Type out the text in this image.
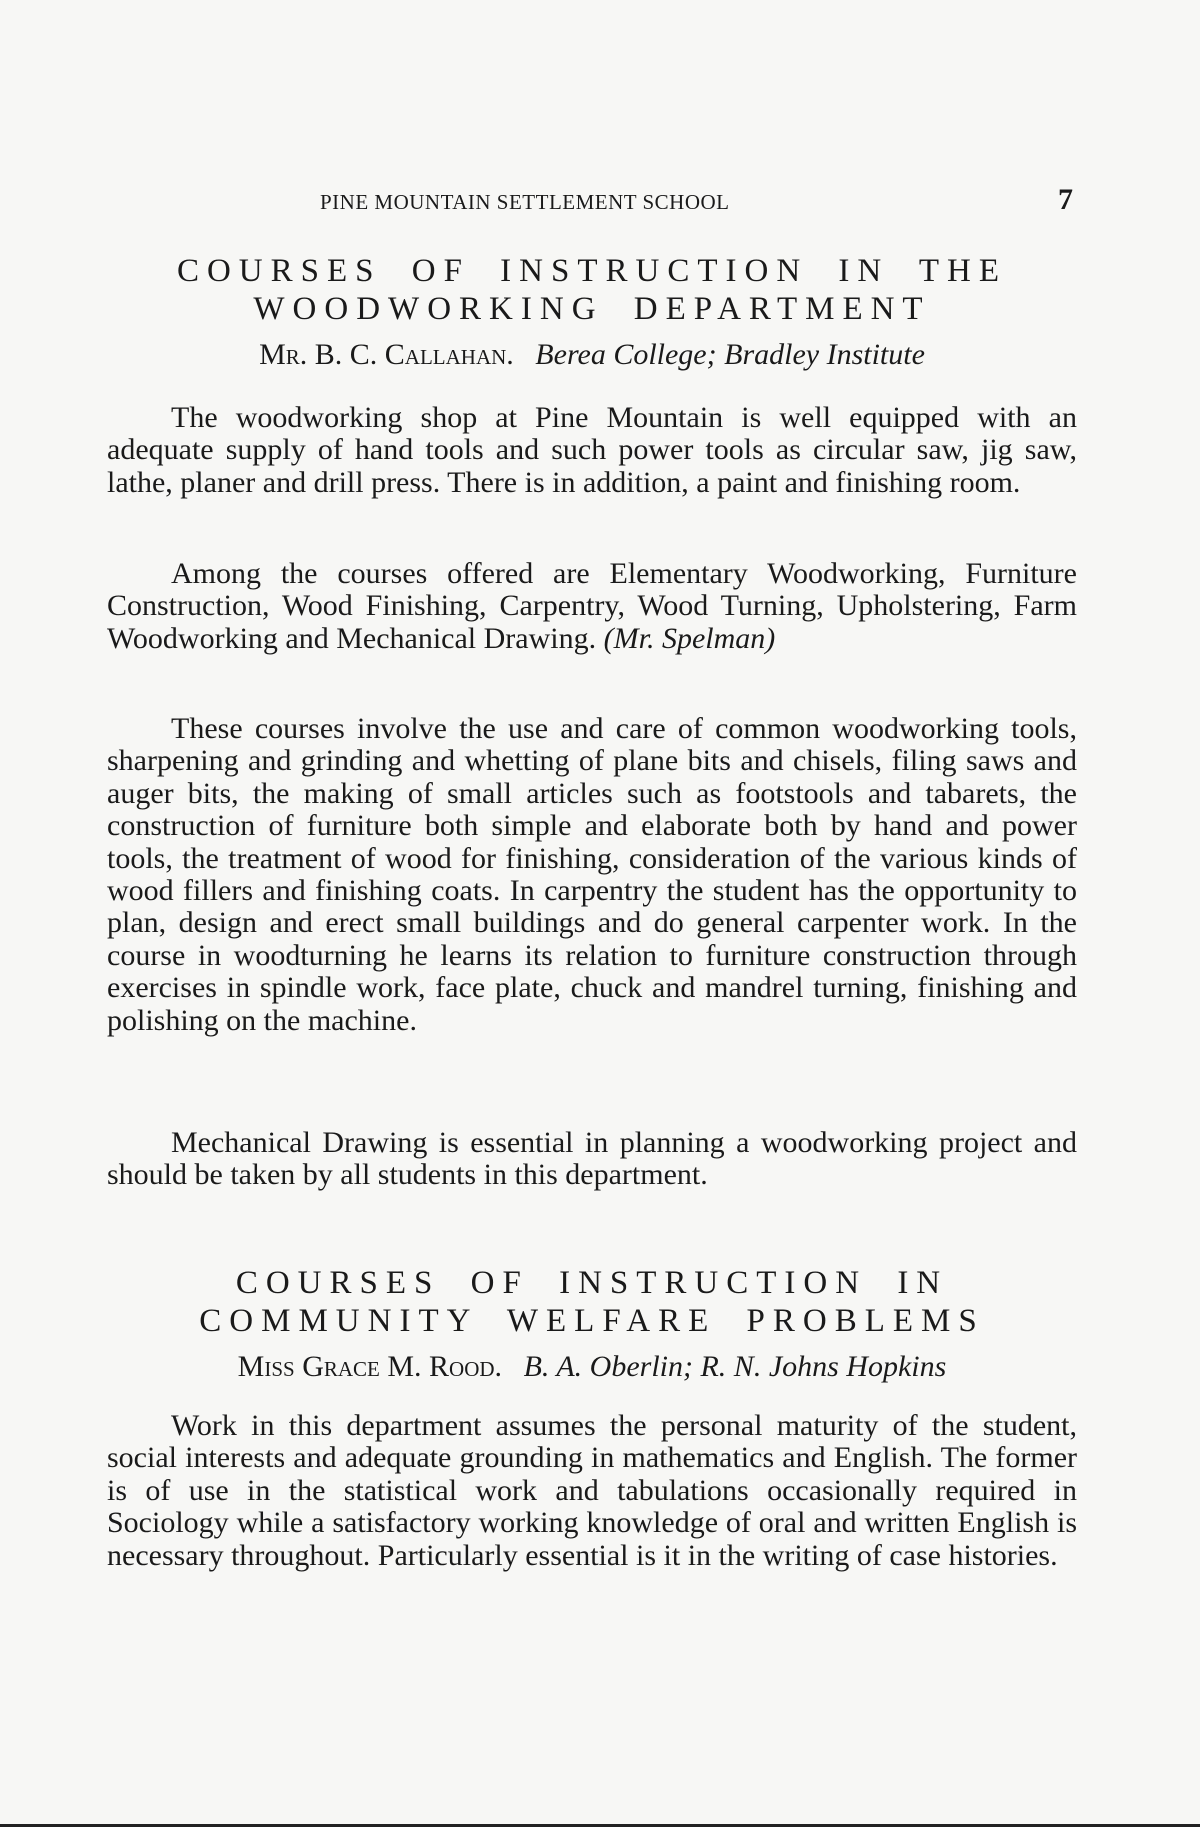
PINE MOUNTAIN SETTLEMENT SCHOOL	7
COURSES OF INSTRUCTION IN THE
WOODWORKING DEPARTMENT
Mr. B. C. Callahan. Berea College; Bradley Institute

The woodworking shop at Pine Mountain is well equipped with an adequate supply of hand tools and such power tools as circular saw, jig saw, lathe, planer and drill press. There is in addition, a paint and finishing room.

Among the courses offered are Elementary Woodworking, Furniture Construction, Wood Finishing, Carpentry, Wood Turning, Upholstering, Farm Woodworking and Mechanical Drawing. (Mr. Spelman)

These courses involve the use and care of common woodworking tools, sharpening and grinding and whetting of plane bits and chisels, filing saws and auger bits, the making of small articles such as footstools and tabarets, the construction of furniture both simple and elaborate both by hand and power tools, the treatment of wood for finishing, consideration of the various kinds of wood fillers and finishing coats. In carpentry the student has the opportunity to plan, design and erect small buildings and do general carpenter work. In the course in woodturning he learns its relation to furniture construction through exercises in spindle work, face plate, chuck and mandrel turning, finishing and polishing on the machine.

Mechanical Drawing is essential in planning a woodworking project and should be taken by all students in this department.

COURSES OF INSTRUCTION IN
COMMUNITY WELFARE PROBLEMS
Miss Grace M. Rood. B. A. Oberlin; R. N. Johns Hopkins

Work in this department assumes the personal maturity of the student, social interests and adequate grounding in mathematics and English. The former is of use in the statistical work and tabulations occasionally required in Sociology while a satisfactory working knowledge of oral and written English is necessary throughout. Particularly essential is it in the writing of case histories.
